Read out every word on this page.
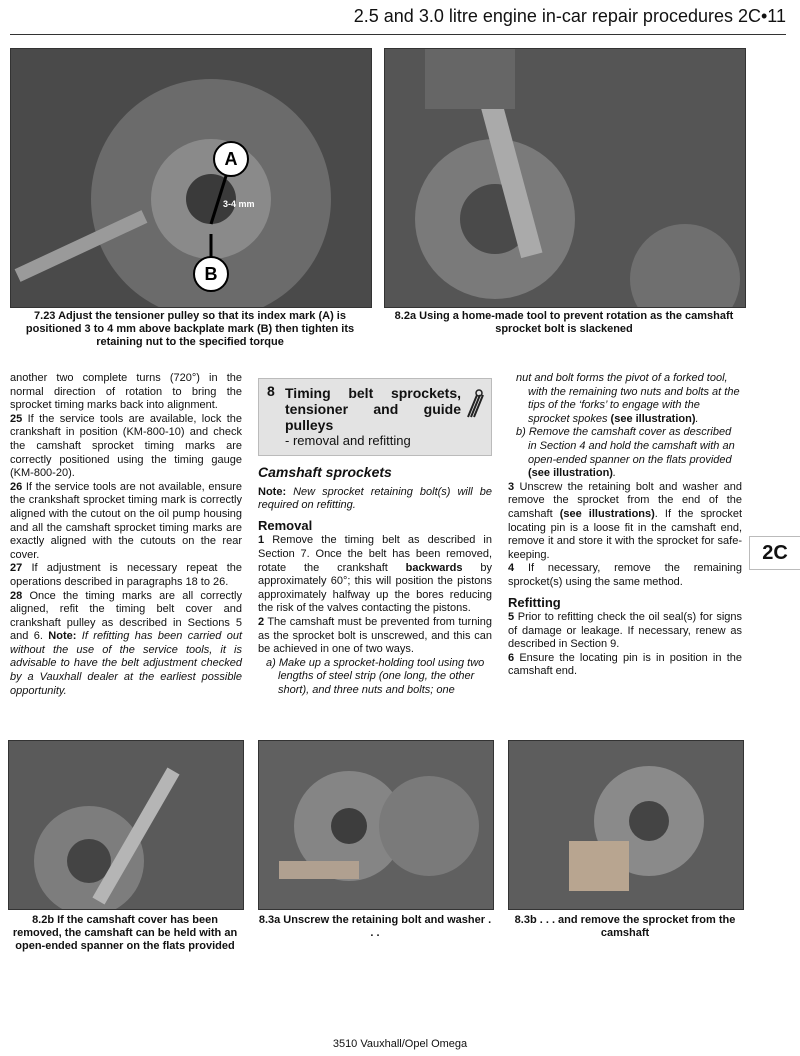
2.5 and 3.0 litre engine in-car repair procedures 2C•11
A
B
3-4 mm
7.23 Adjust the tensioner pulley so that its index mark (A) is positioned 3 to 4 mm above backplate mark (B) then tighten its retaining nut to the specified torque
8.2a Using a home-made tool to prevent rotation as the camshaft sprocket bolt is slackened

another two complete turns (720°) in the normal direction of rotation to bring the sprocket timing marks back into alignment.

25 If the service tools are available, lock the crankshaft in position (KM-800-10) and check the camshaft sprocket timing marks are correctly positioned using the timing gauge (KM-800-20).

26 If the service tools are not available, ensure the crankshaft sprocket timing mark is correctly aligned with the cutout on the oil pump housing and all the camshaft sprocket timing marks are exactly aligned with the cutouts on the rear cover.

27 If adjustment is necessary repeat the operations described in paragraphs 18 to 26.

28 Once the timing marks are all correctly aligned, refit the timing belt cover and crankshaft pulley as described in Sections 5 and 6. Note: If refitting has been carried out without the use of the service tools, it is advisable to have the belt adjustment checked by a Vauxhall dealer at the earliest possible opportunity.

8 Timing belt sprockets, tensioner and guide pulleys
- removal and refitting
Camshaft sprockets

Note: New sprocket retaining bolt(s) will be required on refitting.

Removal

1 Remove the timing belt as described in Section 7. Once the belt has been removed, rotate the crankshaft backwards by approximately 60°; this will position the pistons approximately halfway up the bores reducing the risk of the valves contacting the pistons.

2 The camshaft must be prevented from turning as the sprocket bolt is unscrewed, and this can be achieved in one of two ways.

a) Make up a sprocket-holding tool using two lengths of steel strip (one long, the other short), and three nuts and bolts; one

nut and bolt forms the pivot of a forked tool, with the remaining two nuts and bolts at the tips of the ‘forks’ to engage with the sprocket spokes (see illustration).

b) Remove the camshaft cover as described in Section 4 and hold the camshaft with an open-ended spanner on the flats provided (see illustration).

3 Unscrew the retaining bolt and washer and remove the sprocket from the end of the camshaft (see illustrations). If the sprocket locating pin is a loose fit in the camshaft end, remove it and store it with the sprocket for safe-keeping.

4 If necessary, remove the remaining sprocket(s) using the same method.

Refitting

5 Prior to refitting check the oil seal(s) for signs of damage or leakage. If necessary, renew as described in Section 9.

6 Ensure the locating pin is in position in the camshaft end.

2C
8.2b If the camshaft cover has been removed, the camshaft can be held with an open-ended spanner on the flats provided
8.3a Unscrew the retaining bolt and washer . . .
8.3b . . . and remove the sprocket from the camshaft
3510 Vauxhall/Opel Omega
